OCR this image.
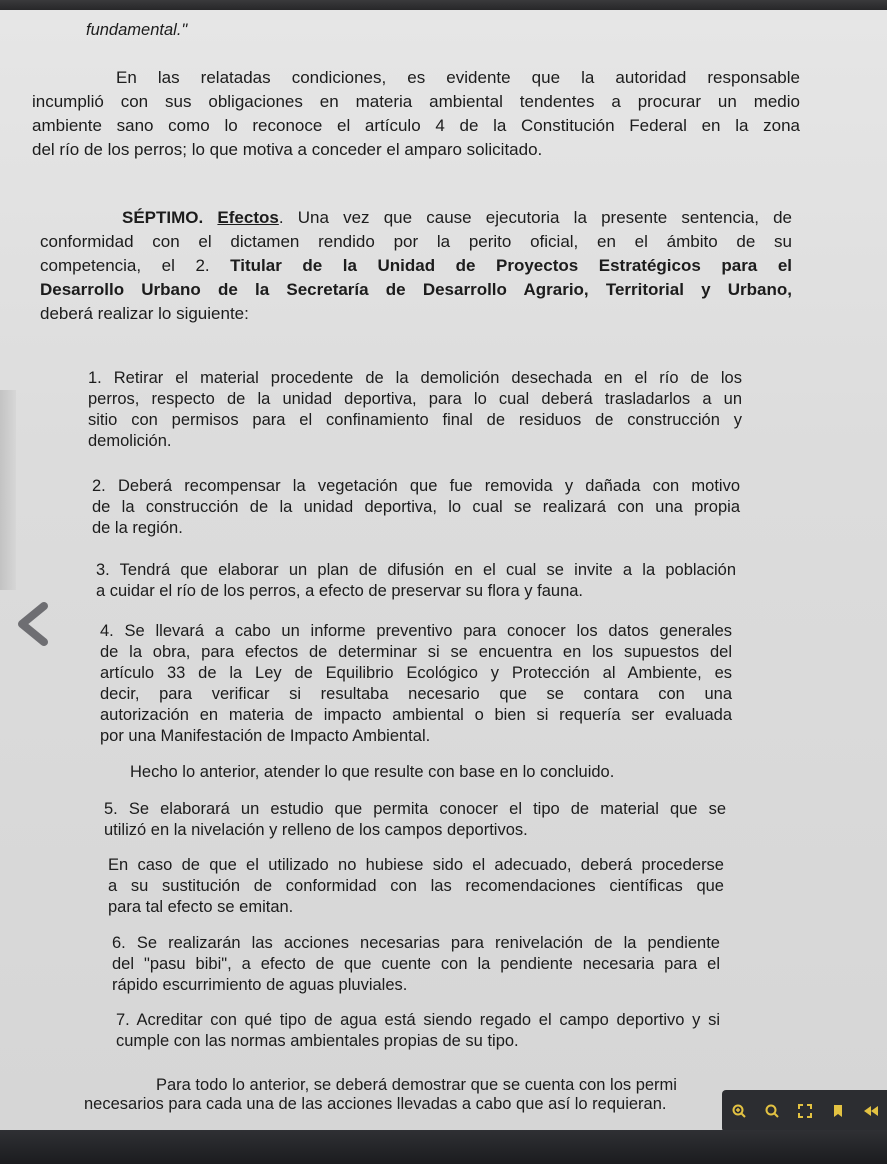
fundamental."

En las relatadas condiciones, es evidente que la autoridad responsable
incumplió con sus obligaciones en materia ambiental tendentes a procurar un medio
ambiente sano como lo reconoce el artículo 4 de la Constitución Federal en la zona
del río de los perros; lo que motiva a conceder el amparo solicitado.
SÉPTIMO. Efectos. Una vez que cause ejecutoria la presente sentencia, de
conformidad con el dictamen rendido por la perito oficial, en el ámbito de su
competencia, el 2. Titular de la Unidad de Proyectos Estratégicos para el
Desarrollo Urbano de la Secretaría de Desarrollo Agrario, Territorial y Urbano,
deberá realizar lo siguiente:
1. Retirar el material procedente de la demolición desechada en el río de los
perros, respecto de la unidad deportiva, para lo cual deberá trasladarlos a un
sitio con permisos para el confinamiento final de residuos de construcción y
demolición.
2. Deberá recompensar la vegetación que fue removida y dañada con motivo
de la construcción de la unidad deportiva, lo cual se realizará con una propia
de la región.
3. Tendrá que elaborar un plan de difusión en el cual se invite a la población
a cuidar el río de los perros, a efecto de preservar su flora y fauna.
4. Se llevará a cabo un informe preventivo para conocer los datos generales
de la obra, para efectos de determinar si se encuentra en los supuestos del
artículo 33 de la Ley de Equilibrio Ecológico y Protección al Ambiente, es
decir, para verificar si resultaba necesario que se contara con una
autorización en materia de impacto ambiental o bien si requería ser evaluada
por una Manifestación de Impacto Ambiental.

Hecho lo anterior, atender lo que resulte con base en lo concluido.

5. Se elaborará un estudio que permita conocer el tipo de material que se
utilizó en la nivelación y relleno de los campos deportivos.
En caso de que el utilizado no hubiese sido el adecuado, deberá procederse
a su sustitución de conformidad con las recomendaciones científicas que
para tal efecto se emitan.
6. Se realizarán las acciones necesarias para renivelación de la pendiente
del "pasu bibi", a efecto de que cuente con la pendiente necesaria para el
rápido escurrimiento de aguas pluviales.
7. Acreditar con qué tipo de agua está siendo regado el campo deportivo y si
cumple con las normas ambientales propias de su tipo.
Para todo lo anterior, se deberá demostrar que se cuenta con los permi
necesarios para cada una de las acciones llevadas a cabo que así lo requieran.
